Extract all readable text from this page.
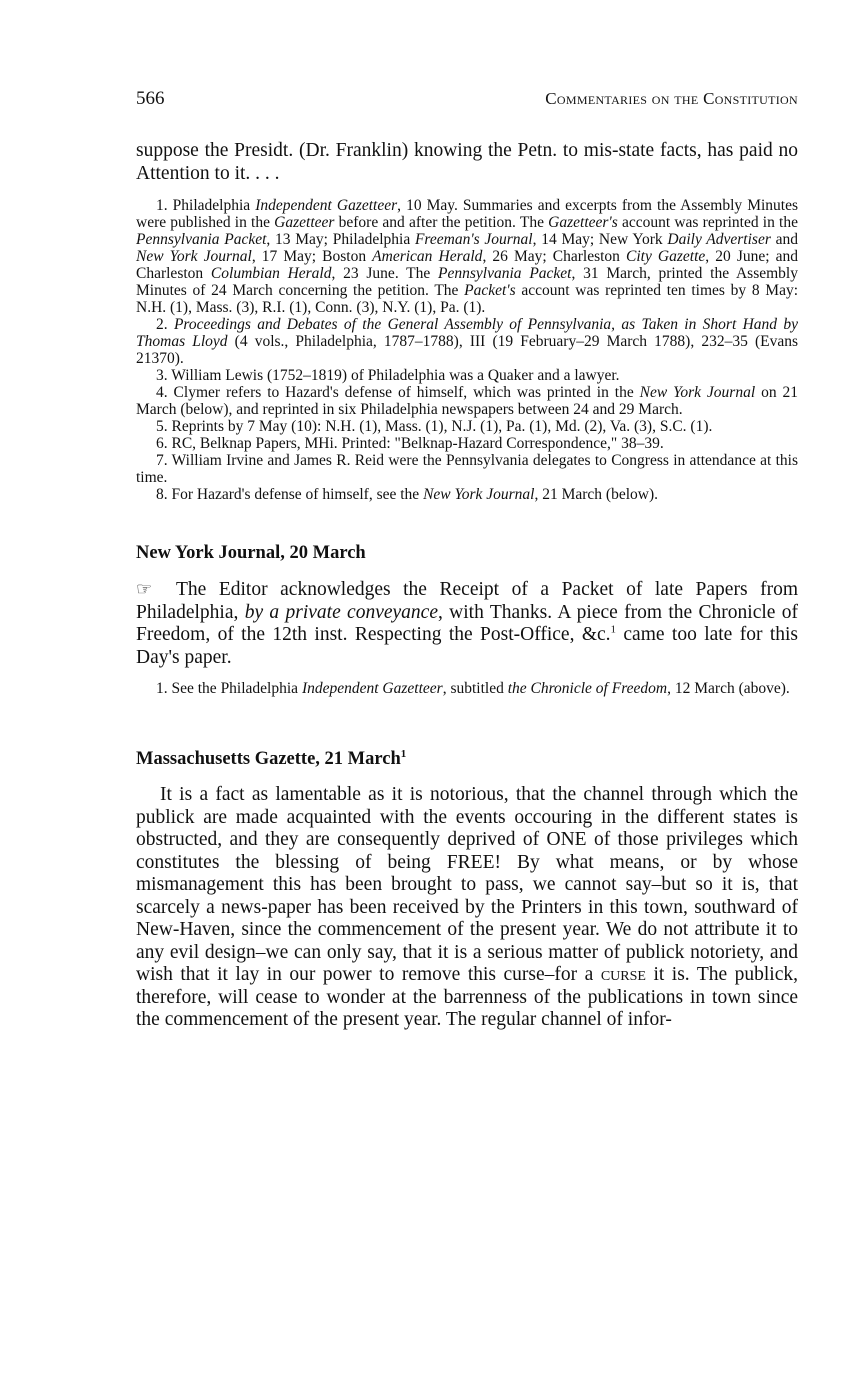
566	Commentaries on the Constitution

suppose the Presidt. (Dr. Franklin) knowing the Petn. to mis-state facts, has paid no Attention to it. . . .

1. Philadelphia Independent Gazetteer, 10 May. Summaries and excerpts from the Assembly Minutes were published in the Gazetteer before and after the petition. The Gazetteer's account was reprinted in the Pennsylvania Packet, 13 May; Philadelphia Freeman's Journal, 14 May; New York Daily Advertiser and New York Journal, 17 May; Boston American Herald, 26 May; Charleston City Gazette, 20 June; and Charleston Columbian Herald, 23 June. The Pennsylvania Packet, 31 March, printed the Assembly Minutes of 24 March concerning the petition. The Packet's account was reprinted ten times by 8 May: N.H. (1), Mass. (3), R.I. (1), Conn. (3), N.Y. (1), Pa. (1).

2. Proceedings and Debates of the General Assembly of Pennsylvania, as Taken in Short Hand by Thomas Lloyd (4 vols., Philadelphia, 1787–1788), III (19 February–29 March 1788), 232–35 (Evans 21370).

3. William Lewis (1752–1819) of Philadelphia was a Quaker and a lawyer.

4. Clymer refers to Hazard's defense of himself, which was printed in the New York Journal on 21 March (below), and reprinted in six Philadelphia newspapers between 24 and 29 March.

5. Reprints by 7 May (10): N.H. (1), Mass. (1), N.J. (1), Pa. (1), Md. (2), Va. (3), S.C. (1).

6. RC, Belknap Papers, MHi. Printed: "Belknap-Hazard Correspondence," 38–39.

7. William Irvine and James R. Reid were the Pennsylvania delegates to Congress in attendance at this time.

8. For Hazard's defense of himself, see the New York Journal, 21 March (below).

New York Journal, 20 March

☞ The Editor acknowledges the Receipt of a Packet of late Papers from Philadelphia, by a private conveyance, with Thanks. A piece from the Chronicle of Freedom, of the 12th inst. Respecting the Post-Office, &c.$^1$ came too late for this Day's paper.

1. See the Philadelphia Independent Gazetteer, subtitled the Chronicle of Freedom, 12 March (above).

Massachusetts Gazette, 21 March$^1$

It is a fact as lamentable as it is notorious, that the channel through which the publick are made acquainted with the events occouring in the different states is obstructed, and they are consequently deprived of ONE of those privileges which constitutes the blessing of being FREE! By what means, or by whose mismanagement this has been brought to pass, we cannot say–but so it is, that scarcely a news-paper has been received by the Printers in this town, southward of New-Haven, since the commencement of the present year. We do not attribute it to any evil design–we can only say, that it is a serious matter of publick notoriety, and wish that it lay in our power to remove this curse–for a curse it is. The publick, therefore, will cease to wonder at the barrenness of the publications in town since the commencement of the present year. The regular channel of infor-
